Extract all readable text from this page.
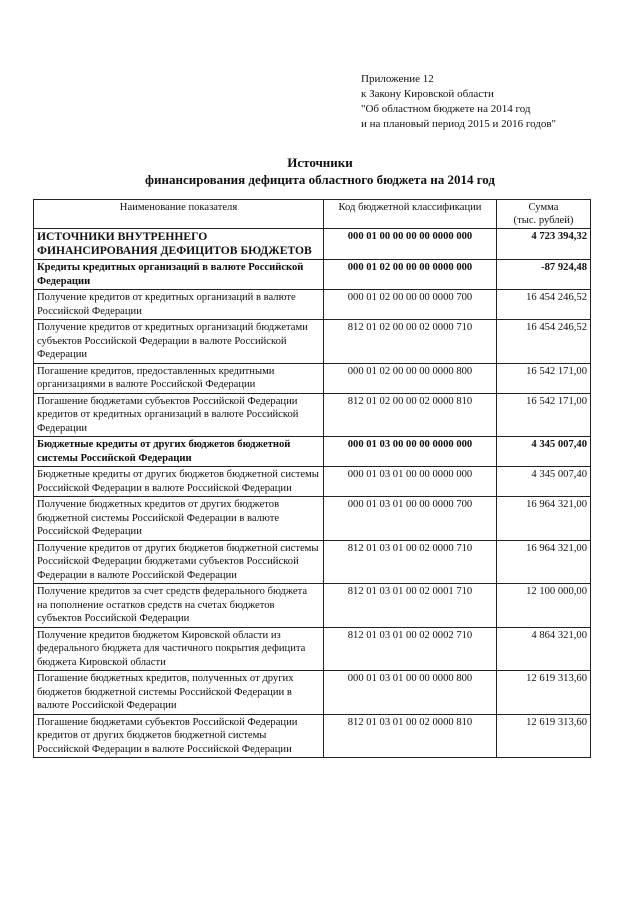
Приложение 12
к Закону Кировской области
"Об областном бюджете на 2014 год
и на плановый период 2015 и 2016 годов"
Источники
финансирования дефицита областного бюджета на 2014 год
Наименование показателя	Код бюджетной классификации	Сумма
(тыс. рублей)

ИСТОЧНИКИ ВНУТРЕННЕГО ФИНАНСИРОВАНИЯ ДЕФИЦИТОВ БЮДЖЕТОВ	000 01 00 00 00 00 0000 000	4 723 394,32
Кредиты кредитных организаций в валюте Российской Федерации	000 01 02 00 00 00 0000 000	-87 924,48
Получение кредитов от кредитных организаций в валюте Российской Федерации	000 01 02 00 00 00 0000 700	16 454 246,52
Получение кредитов от кредитных организаций бюджетами субъектов Российской Федерации в валюте Российской Федерации	812 01 02 00 00 02 0000 710	16 454 246,52
Погашение кредитов, предоставленных кредитными организациями в валюте Российской Федерации	000 01 02 00 00 00 0000 800	16 542 171,00
Погашение бюджетами субъектов Российской Федерации кредитов от кредитных организаций в валюте Российской Федерации	812 01 02 00 00 02 0000 810	16 542 171,00
Бюджетные кредиты от других бюджетов бюджетной системы Российской Федерации	000 01 03 00 00 00 0000 000	4 345 007,40
Бюджетные кредиты от других бюджетов бюджетной системы Российской Федерации в валюте Российской Федерации	000 01 03 01 00 00 0000 000	4 345 007,40
Получение бюджетных кредитов от других бюджетов бюджетной системы Российской Федерации в валюте Российской Федерации	000 01 03 01 00 00 0000 700	16 964 321,00
Получение кредитов от других бюджетов бюджетной системы Российской Федерации бюджетами субъектов Российской Федерации в валюте Российской Федерации	812 01 03 01 00 02 0000 710	16 964 321,00
Получение кредитов за счет средств федерального бюджета на пополнение остатков средств на счетах бюджетов субъектов Российской Федерации	812 01 03 01 00 02 0001 710	12 100 000,00
Получение кредитов бюджетом Кировской области из федерального бюджета для частичного покрытия дефицита бюджета Кировской области	812 01 03 01 00 02 0002 710	4 864 321,00
Погашение бюджетных кредитов, полученных от других бюджетов бюджетной системы Российской Федерации в валюте Российской Федерации	000 01 03 01 00 00 0000 800	12 619 313,60
Погашение бюджетами субъектов Российской Федерации кредитов от других бюджетов бюджетной системы Российской Федерации в валюте Российской Федерации	812 01 03 01 00 02 0000 810	12 619 313,60
